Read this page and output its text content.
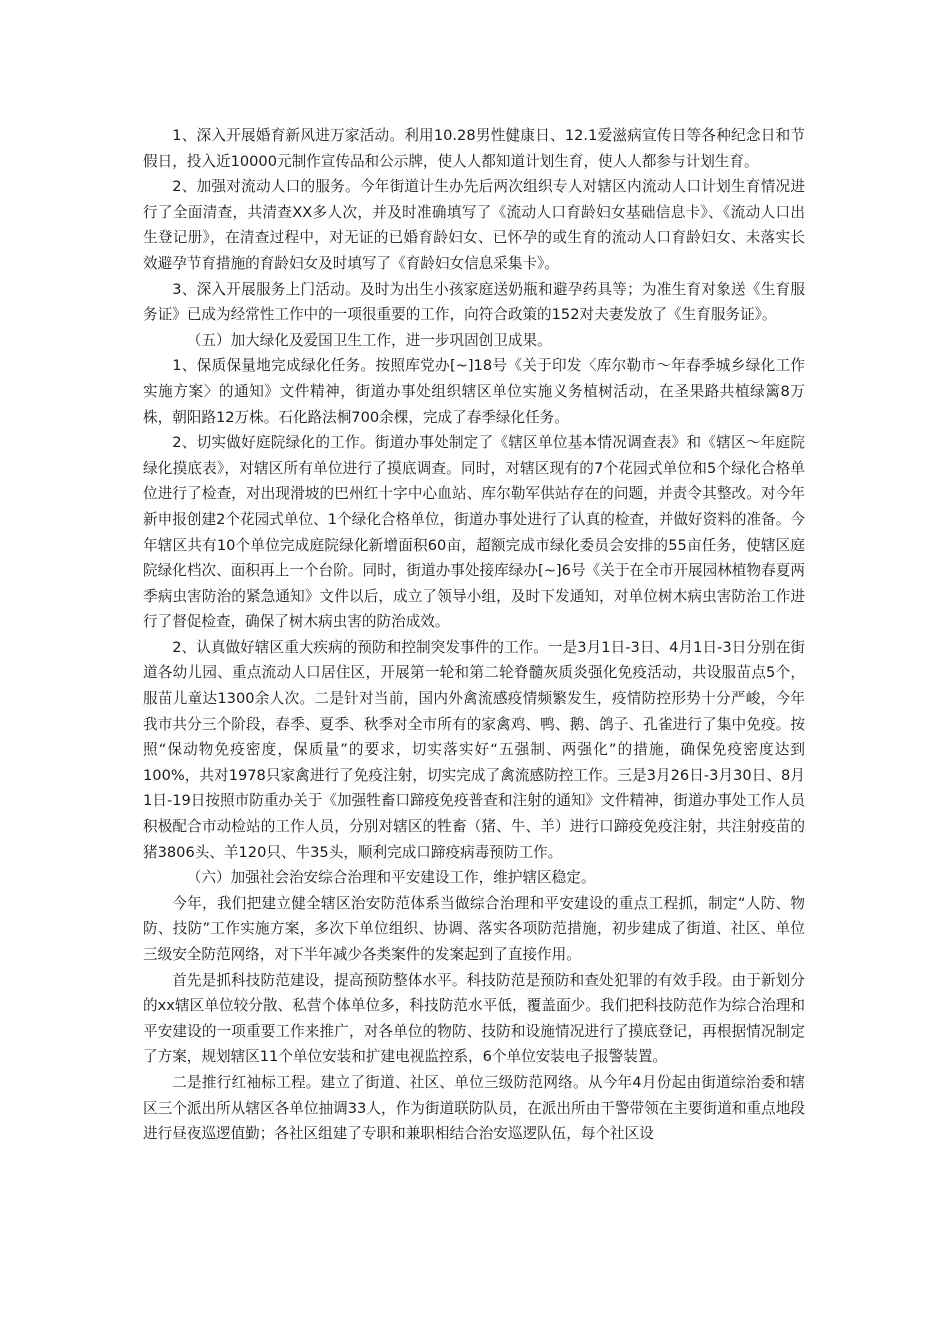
1、深入开展婚育新风进万家活动。利用10.28男性健康日、12.1爱滋病宣传日等各种纪念日和节假日，投入近10000元制作宣传品和公示牌，使人人都知道计划生育，使人人都参与计划生育。

2、加强对流动人口的服务。今年街道计生办先后两次组织专人对辖区内流动人口计划生育情况进行了全面清查，共清查XX多人次，并及时准确填写了《流动人口育龄妇女基础信息卡》、《流动人口出生登记册》，在清查过程中，对无证的已婚育龄妇女、已怀孕的或生育的流动人口育龄妇女、未落实长效避孕节育措施的育龄妇女及时填写了《育龄妇女信息采集卡》。

3、深入开展服务上门活动。及时为出生小孩家庭送奶瓶和避孕药具等；为准生育对象送《生育服务证》已成为经常性工作中的一项很重要的工作，向符合政策的152对夫妻发放了《生育服务证》。

（五）加大绿化及爱国卫生工作，进一步巩固创卫成果。

1、保质保量地完成绿化任务。按照库党办[~]18号《关于印发〈库尔勒市～年春季城乡绿化工作实施方案〉的通知》文件精神，街道办事处组织辖区单位实施义务植树活动，在圣果路共植绿篱8万株，朝阳路12万株。石化路法桐700余棵，完成了春季绿化任务。

2、切实做好庭院绿化的工作。街道办事处制定了《辖区单位基本情况调查表》和《辖区～年庭院绿化摸底表》，对辖区所有单位进行了摸底调查。同时，对辖区现有的7个花园式单位和5个绿化合格单位进行了检查，对出现滑坡的巴州红十字中心血站、库尔勒军供站存在的问题，并责令其整改。对今年新申报创建2个花园式单位、1个绿化合格单位，街道办事处进行了认真的检查，并做好资料的准备。今年辖区共有10个单位完成庭院绿化新增面积60亩，超额完成市绿化委员会安排的55亩任务，使辖区庭院绿化档次、面积再上一个台阶。同时，街道办事处接库绿办[~]6号《关于在全市开展园林植物春夏两季病虫害防治的紧急通知》文件以后，成立了领导小组，及时下发通知，对单位树木病虫害防治工作进行了督促检查，确保了树木病虫害的防治成效。

2、认真做好辖区重大疾病的预防和控制突发事件的工作。一是3月1日-3日、4月1日-3日分别在街道各幼儿园、重点流动人口居住区，开展第一轮和第二轮脊髓灰质炎强化免疫活动，共设服苗点5个，服苗儿童达1300余人次。二是针对当前，国内外禽流感疫情频繁发生，疫情防控形势十分严峻，今年我市共分三个阶段，春季、夏季、秋季对全市所有的家禽鸡、鸭、鹅、鸽子、孔雀进行了集中免疫。按照“保动物免疫密度，保质量”的要求，切实落实好“五强制、两强化”的措施，确保免疫密度达到100%，共对1978只家禽进行了免疫注射，切实完成了禽流感防控工作。三是3月26日-3月30日、8月1日-19日按照市防重办关于《加强牲畜口蹄疫免疫普查和注射的通知》文件精神，街道办事处工作人员积极配合市动检站的工作人员，分别对辖区的牲畜（猪、牛、羊）进行口蹄疫免疫注射，共注射疫苗的猪3806头、羊120只、牛35头，顺利完成口蹄疫病毒预防工作。

（六）加强社会治安综合治理和平安建设工作，维护辖区稳定。

今年，我们把建立健全辖区治安防范体系当做综合治理和平安建设的重点工程抓，制定“人防、物防、技防”工作实施方案，多次下单位组织、协调、落实各项防范措施，初步建成了街道、社区、单位三级安全防范网络，对下半年减少各类案件的发案起到了直接作用。

首先是抓科技防范建设，提高预防整体水平。科技防范是预防和查处犯罪的有效手段。由于新划分的xx辖区单位较分散、私营个体单位多，科技防范水平低，覆盖面少。我们把科技防范作为综合治理和平安建设的一项重要工作来推广，对各单位的物防、技防和设施情况进行了摸底登记，再根据情况制定了方案，规划辖区11个单位安装和扩建电视监控系，6个单位安装电子报警装置。

二是推行红袖标工程。建立了街道、社区、单位三级防范网络。从今年4月份起由街道综治委和辖区三个派出所从辖区各单位抽调33人，作为街道联防队员，在派出所由干警带领在主要街道和重点地段进行昼夜巡逻值勤；各社区组建了专职和兼职相结合治安巡逻队伍，每个社区设
